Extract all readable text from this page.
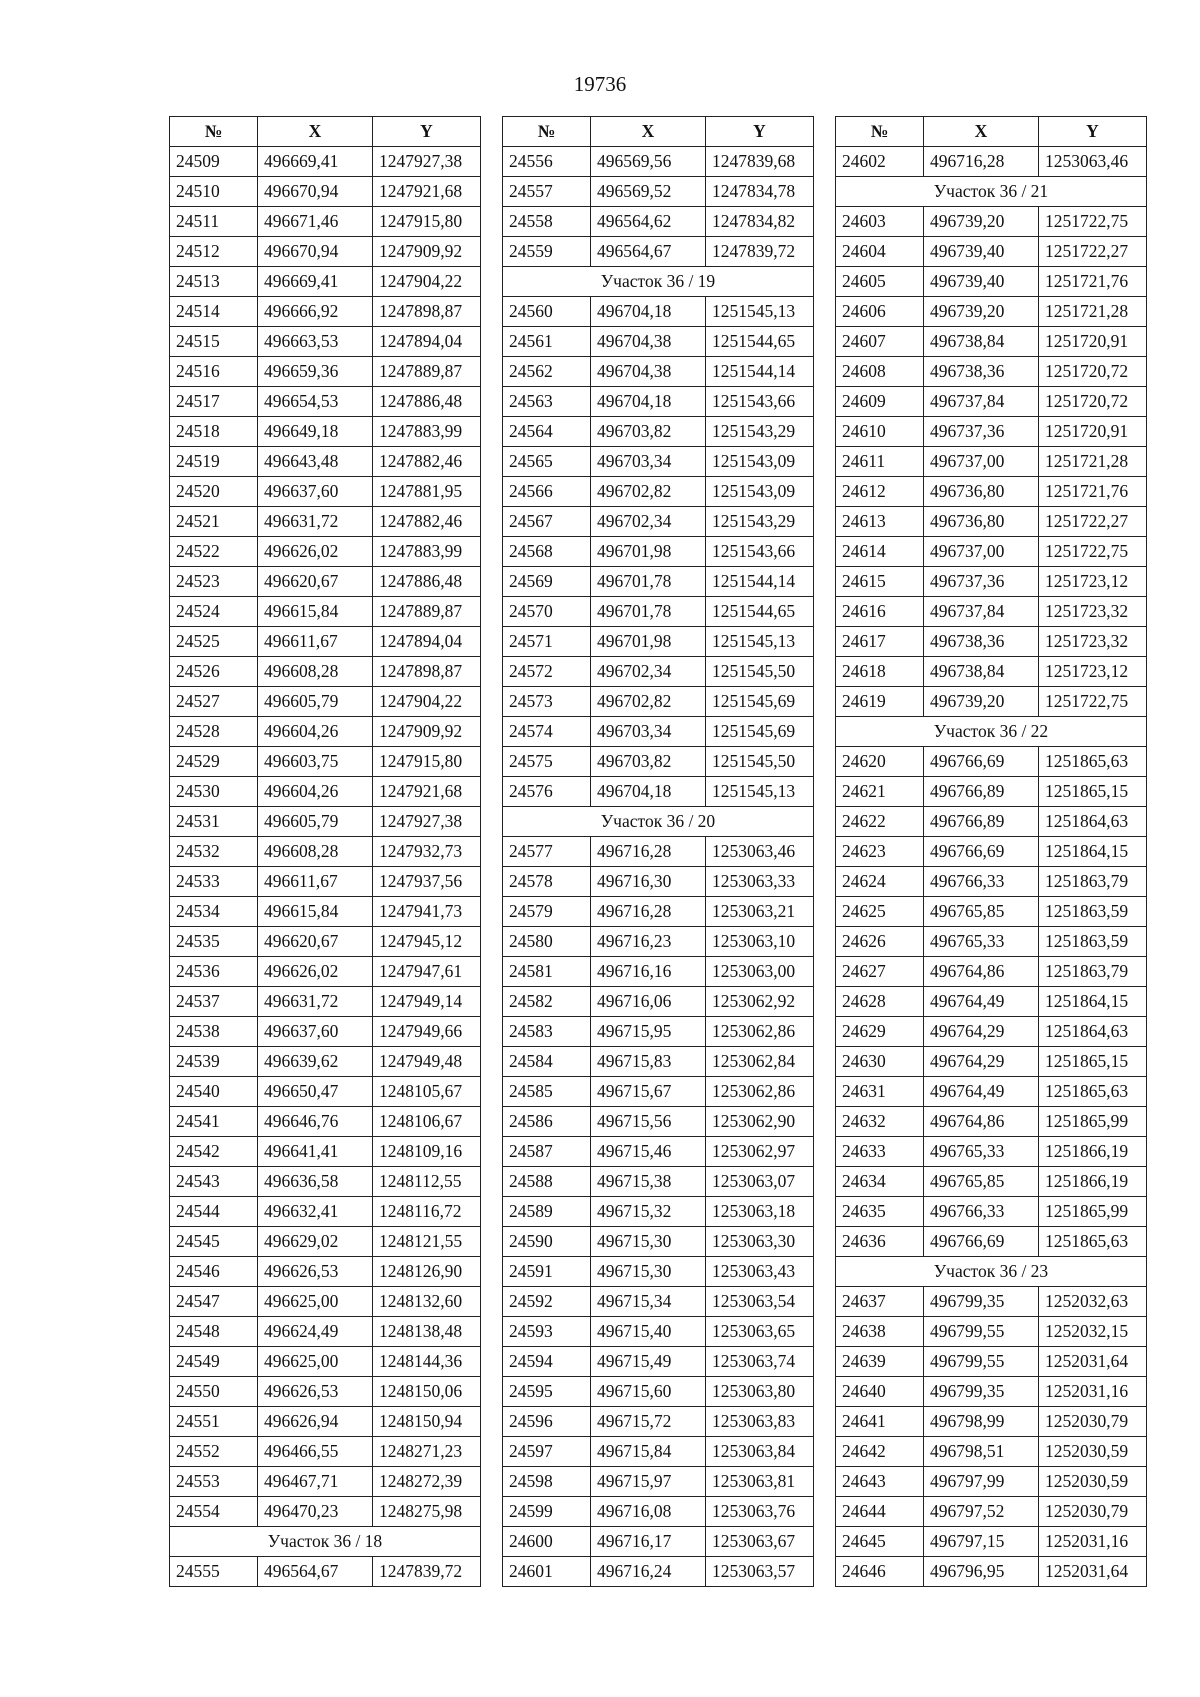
19736
№	X	Y
24509	496669,41	1247927,38
24510	496670,94	1247921,68
24511	496671,46	1247915,80
24512	496670,94	1247909,92
24513	496669,41	1247904,22
24514	496666,92	1247898,87
24515	496663,53	1247894,04
24516	496659,36	1247889,87
24517	496654,53	1247886,48
24518	496649,18	1247883,99
24519	496643,48	1247882,46
24520	496637,60	1247881,95
24521	496631,72	1247882,46
24522	496626,02	1247883,99
24523	496620,67	1247886,48
24524	496615,84	1247889,87
24525	496611,67	1247894,04
24526	496608,28	1247898,87
24527	496605,79	1247904,22
24528	496604,26	1247909,92
24529	496603,75	1247915,80
24530	496604,26	1247921,68
24531	496605,79	1247927,38
24532	496608,28	1247932,73
24533	496611,67	1247937,56
24534	496615,84	1247941,73
24535	496620,67	1247945,12
24536	496626,02	1247947,61
24537	496631,72	1247949,14
24538	496637,60	1247949,66
24539	496639,62	1247949,48
24540	496650,47	1248105,67
24541	496646,76	1248106,67
24542	496641,41	1248109,16
24543	496636,58	1248112,55
24544	496632,41	1248116,72
24545	496629,02	1248121,55
24546	496626,53	1248126,90
24547	496625,00	1248132,60
24548	496624,49	1248138,48
24549	496625,00	1248144,36
24550	496626,53	1248150,06
24551	496626,94	1248150,94
24552	496466,55	1248271,23
24553	496467,71	1248272,39
24554	496470,23	1248275,98
Участок 36 / 18		
24555	496564,67	1247839,72
№	X	Y
24556	496569,56	1247839,68
24557	496569,52	1247834,78
24558	496564,62	1247834,82
24559	496564,67	1247839,72
Участок 36 / 19		
24560	496704,18	1251545,13
24561	496704,38	1251544,65
24562	496704,38	1251544,14
24563	496704,18	1251543,66
24564	496703,82	1251543,29
24565	496703,34	1251543,09
24566	496702,82	1251543,09
24567	496702,34	1251543,29
24568	496701,98	1251543,66
24569	496701,78	1251544,14
24570	496701,78	1251544,65
24571	496701,98	1251545,13
24572	496702,34	1251545,50
24573	496702,82	1251545,69
24574	496703,34	1251545,69
24575	496703,82	1251545,50
24576	496704,18	1251545,13
Участок 36 / 20		
24577	496716,28	1253063,46
24578	496716,30	1253063,33
24579	496716,28	1253063,21
24580	496716,23	1253063,10
24581	496716,16	1253063,00
24582	496716,06	1253062,92
24583	496715,95	1253062,86
24584	496715,83	1253062,84
24585	496715,67	1253062,86
24586	496715,56	1253062,90
24587	496715,46	1253062,97
24588	496715,38	1253063,07
24589	496715,32	1253063,18
24590	496715,30	1253063,30
24591	496715,30	1253063,43
24592	496715,34	1253063,54
24593	496715,40	1253063,65
24594	496715,49	1253063,74
24595	496715,60	1253063,80
24596	496715,72	1253063,83
24597	496715,84	1253063,84
24598	496715,97	1253063,81
24599	496716,08	1253063,76
24600	496716,17	1253063,67
24601	496716,24	1253063,57
№	X	Y
24602	496716,28	1253063,46
Участок 36 / 21		
24603	496739,20	1251722,75
24604	496739,40	1251722,27
24605	496739,40	1251721,76
24606	496739,20	1251721,28
24607	496738,84	1251720,91
24608	496738,36	1251720,72
24609	496737,84	1251720,72
24610	496737,36	1251720,91
24611	496737,00	1251721,28
24612	496736,80	1251721,76
24613	496736,80	1251722,27
24614	496737,00	1251722,75
24615	496737,36	1251723,12
24616	496737,84	1251723,32
24617	496738,36	1251723,32
24618	496738,84	1251723,12
24619	496739,20	1251722,75
Участок 36 / 22		
24620	496766,69	1251865,63
24621	496766,89	1251865,15
24622	496766,89	1251864,63
24623	496766,69	1251864,15
24624	496766,33	1251863,79
24625	496765,85	1251863,59
24626	496765,33	1251863,59
24627	496764,86	1251863,79
24628	496764,49	1251864,15
24629	496764,29	1251864,63
24630	496764,29	1251865,15
24631	496764,49	1251865,63
24632	496764,86	1251865,99
24633	496765,33	1251866,19
24634	496765,85	1251866,19
24635	496766,33	1251865,99
24636	496766,69	1251865,63
Участок 36 / 23		
24637	496799,35	1252032,63
24638	496799,55	1252032,15
24639	496799,55	1252031,64
24640	496799,35	1252031,16
24641	496798,99	1252030,79
24642	496798,51	1252030,59
24643	496797,99	1252030,59
24644	496797,52	1252030,79
24645	496797,15	1252031,16
24646	496796,95	1252031,64
